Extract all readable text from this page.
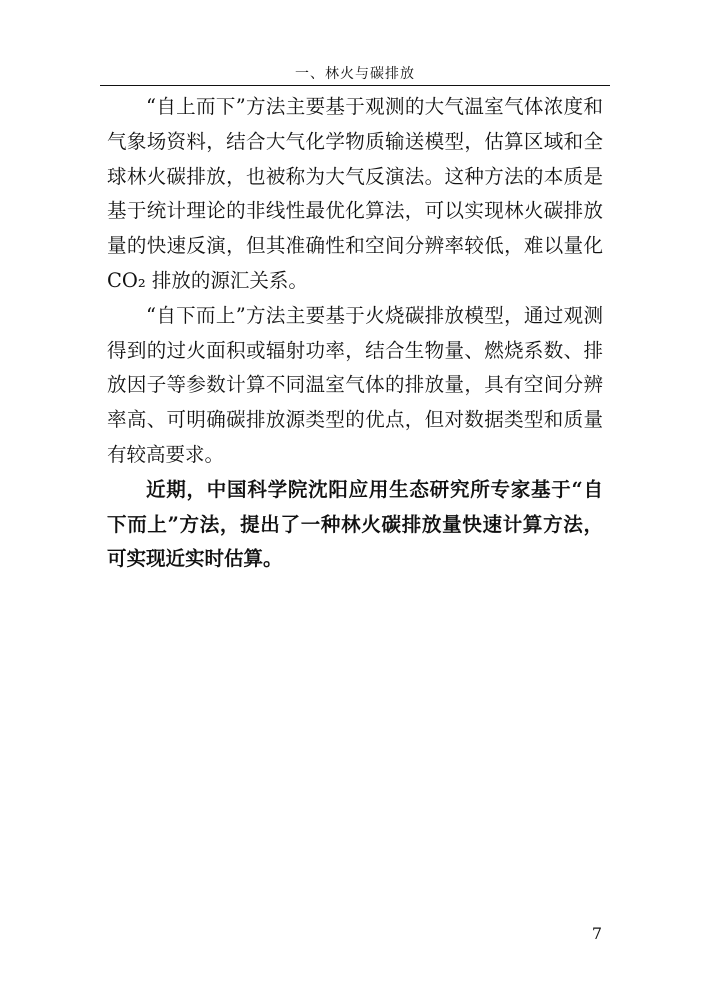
一、林火与碳排放

“自上而下”方法主要基于观测的大气温室气体浓度和气象场资料，结合大气化学物质输送模型，估算区域和全球林火碳排放，也被称为大气反演法。这种方法的本质是基于统计理论的非线性最优化算法，可以实现林火碳排放量的快速反演，但其准确性和空间分辨率较低，难以量化 CO₂ 排放的源汇关系。

“自下而上”方法主要基于火烧碳排放模型，通过观测得到的过火面积或辐射功率，结合生物量、燃烧系数、排放因子等参数计算不同温室气体的排放量，具有空间分辨率高、可明确碳排放源类型的优点，但对数据类型和质量有较高要求。

近期，中国科学院沈阳应用生态研究所专家基于“自下而上”方法，提出了一种林火碳排放量快速计算方法，可实现近实时估算。

7
